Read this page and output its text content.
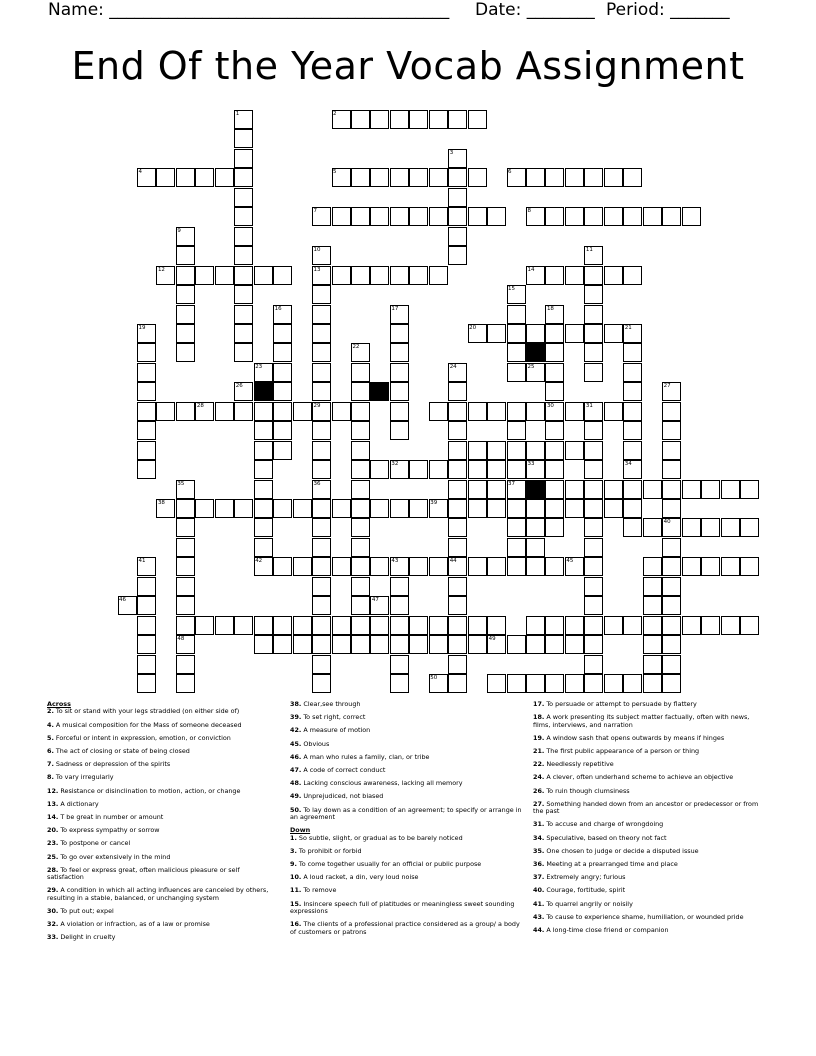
Name: ________________________________________ Date: ________ Period: _______
End Of the Year Vocab Assignment
1	2
3
4	5	6
7	8
9
10	11
12	13	14
15
16	17	18
19	20	21
22
23	24	25
26	27
28	29	30	31
32	33	34
35	36	37
38	39
40
41	42	43	44	45
46	47
48	49
50
Across
2. To sit or stand with your legs straddled (on either side of)
4. A musical composition for the Mass of someone deceased
5. Forceful or intent in expression, emotion, or conviction
6. The act of closing or state of being closed
7. Sadness or depression of the spirits
8. To vary irregularly
12. Resistance or disinclination to motion, action, or change
13. A dictionary
14. T be great in number or amount
20. To express sympathy or sorrow
23. To postpone or cancel
25. To go over extensively in the mind
28. To feel or express great, often malicious pleasure or self satisfaction
29. A condition in which all acting influences are canceled by others, resulting in a stable, balanced, or unchanging system
30. To put out; expel
32. A violation or infraction, as of a law or promise
33. Delight in cruelty
38. Clear,see through
39. To set right, correct
42. A measure of motion
45. Obvious
46. A man who rules a family, clan, or tribe
47. A code of correct conduct
48. Lacking conscious awareness, lacking all memory
49. Unprejudiced, not biased
50. To lay down as a condition of an agreement; to specify or arrange in an agreement
Down
1. So subtle, slight, or gradual as to be barely noticed
3. To prohibit or forbid
9. To come together usually for an official or public purpose
10. A loud racket, a din, very loud noise
11. To remove
15. Insincere speech full of platitudes or meaningless sweet sounding expressions
16. The clients of a professional practice considered as a group/ a body of customers or patrons
17. To persuade or attempt to persuade by flattery
18. A work presenting its subject matter factually, often with news, films, interviews, and narration
19. A window sash that opens outwards by means if hinges
21. The first public appearance of a person or thing
22. Needlessly repetitive
24. A clever, often underhand scheme to achieve an objective
26. To ruin though clumsiness
27. Something handed down from an ancestor or predecessor or from the past
31. To accuse and charge of wrongdoing
34. Speculative, based on theory not fact
35. One chosen to judge or decide a disputed issue
36. Meeting at a prearranged time and place
37. Extremely angry; furious
40. Courage, fortitude, spirit
41. To quarrel angrily or noisily
43. To cause to experience shame, humiliation, or wounded pride
44. A long-time close friend or companion
